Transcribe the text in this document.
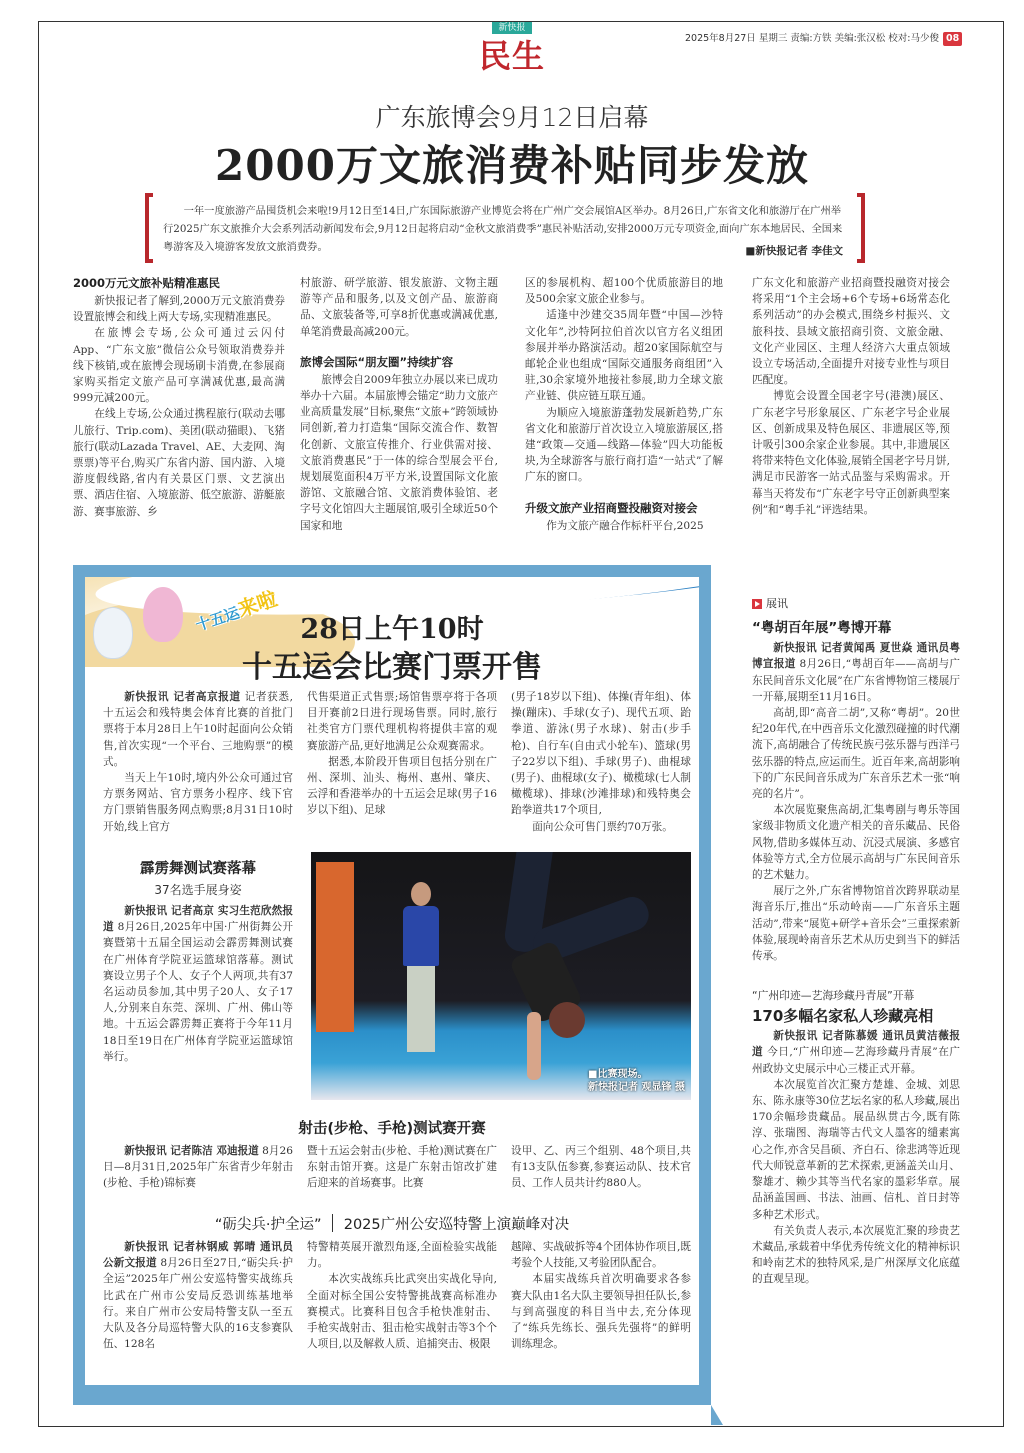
新快报
民生	2025年8月27日 星期三 责编:方铁 美编:张汉松 校对:马少俊 08
广东旅博会9月12日启幕
2000万文旅消费补贴同步发放
一年一度旅游产品囤货机会来啦!9月12日至14日,广东国际旅游产业博览会将在广州广交会展馆A区举办。8月26日,广东省文化和旅游厅在广州举行2025广东文旅推介大会系列活动新闻发布会,9月12日起将启动“金秋文旅消费季”惠民补贴活动,安排2000万元专项资金,面向广东本地居民、全国来粤游客及入境游客发放文旅消费券。	■新快报记者 李佳文
2000万元文旅补贴精准惠民

新快报记者了解到,2000万元文旅消费券设置旅博会和线上两大专场,实现精准惠民。

在旅博会专场,公众可通过云闪付App、“广东文旅”微信公众号领取消费券并线下核销,或在旅博会现场刷卡消费,在参展商家购买指定文旅产品可享满减优惠,最高满999元减200元。

在线上专场,公众通过携程旅行(联动去哪儿旅行、Trip.com)、美团(联动猫眼)、飞猪旅行(联动Lazada Travel、AE、大麦网、淘票票)等平台,购买广东省内游、国内游、入境游度假线路,省内有关景区门票、文艺演出票、酒店住宿、入境旅游、低空旅游、游艇旅游、赛事旅游、乡

村旅游、研学旅游、银发旅游、文物主题游等产品和服务,以及文创产品、旅游商品、文旅装备等,可享8折优惠或满减优惠,单笔消费最高减200元。

旅博会国际“朋友圈”持续扩容

旅博会自2009年独立办展以来已成功举办十六届。本届旅博会锚定“助力文旅产业高质量发展”目标,聚焦“文旅+”跨领域协同创新,着力打造集“国际交流合作、数智化创新、文旅宣传推介、行业供需对接、文旅消费惠民”于一体的综合型展会平台,规划展览面积4万平方米,设置国际文化旅游馆、文旅融合馆、文旅消费体验馆、老字号文化馆四大主题展馆,吸引全球近50个国家和地

区的参展机构、超100个优质旅游目的地及500余家文旅企业参与。

适逢中沙建交35周年暨“中国—沙特文化年”,沙特阿拉伯首次以官方名义组团参展并举办路演活动。超20家国际航空与邮轮企业也组成“国际交通服务商组团”入驻,30余家境外地接社参展,助力全球文旅产业链、供应链互联互通。

为顺应入境旅游蓬勃发展新趋势,广东省文化和旅游厅首次设立入境旅游展区,搭建“政策—交通—线路—体验”四大功能板块,为全球游客与旅行商打造“一站式”了解广东的窗口。

升级文旅产业招商暨投融资对接会

作为文旅产融合作标杆平台,2025

广东文化和旅游产业招商暨投融资对接会将采用“1个主会场+6个专场+6场常态化系列活动”的办会模式,围绕乡村振兴、文旅科技、县域文旅招商引资、文旅金融、文化产业园区、主理人经济六大重点领域设立专场活动,全面提升对接专业性与项目匹配度。

博览会设置全国老字号(港澳)展区、广东老字号形象展区、广东老字号企业展区、创新成果及特色展区、非遗展区等,预计吸引300余家企业参展。其中,非遗展区将带来特色文化体验,展销全国老字号月饼,满足市民游客一站式品鉴与采购需求。开幕当天将发布“广东老字号守正创新典型案例”和“粤手礼”评选结果。

十五运来啦
28日上午10时
十五运会比赛门票开售

新快报讯 记者高京报道 记者获悉,十五运会和残特奥会体育比赛的首批门票将于本月28日上午10时起面向公众销售,首次实现“一个平台、三地购票”的模式。

当天上午10时,境内外公众可通过官方票务网站、官方票务小程序、线下官方门票销售服务网点购票;8月31日10时开始,线上官方

代售渠道正式售票;场馆售票亭将于各项目开赛前2日进行现场售票。同时,旅行社类官方门票代理机构将提供丰富的观赛旅游产品,更好地满足公众观赛需求。

据悉,本阶段开售项目包括分别在广州、深圳、汕头、梅州、惠州、肇庆、云浮和香港举办的十五运会足球(男子16岁以下组)、足球

(男子18岁以下组)、体操(青年组)、体操(蹦床)、手球(女子)、现代五项、跆拳道、游泳(男子水球)、射击(步手枪)、自行车(自由式小轮车)、篮球(男子22岁以下组)、手球(男子)、曲棍球(男子)、曲棍球(女子)、橄榄球(七人制橄榄球)、排球(沙滩排球)和残特奥会跆拳道共17个项目,

面向公众可售门票约70万张。

霹雳舞测试赛落幕
37名选手展身姿

新快报讯 记者高京 实习生范欣然报道 8月26日,2025年中国·广州街舞公开赛暨第十五届全国运动会霹雳舞测试赛在广州体育学院亚运篮球馆落幕。测试赛设立男子个人、女子个人两项,共有37名运动员参加,其中男子20人、女子17人,分别来自东莞、深圳、广州、佛山等地。十五运会霹雳舞正赛将于今年11月18日至19日在广州体育学院亚运篮球馆举行。

■比赛现场。
新快报记者 观显锋 摄
射击(步枪、手枪)测试赛开赛

新快报讯 记者陈洁 邓迪报道 8月26日—8月31日,2025年广东省青少年射击(步枪、手枪)锦标赛

暨十五运会射击(步枪、手枪)测试赛在广东射击馆开赛。这是广东射击馆改扩建后迎来的首场赛事。比赛

设甲、乙、丙三个组别、48个项目,共有13支队伍参赛,参赛运动队、技术官员、工作人员共计约880人。

“砺尖兵·护全运” 2025广州公安巡特警上演巅峰对决

新快报讯 记者林钢威 郭晴 通讯员公新文报道 8月26日至27日,“砺尖兵·护全运”2025年广州公安巡特警实战练兵比武在广州市公安局反恐训练基地举行。来自广州市公安局特警支队一至五大队及各分局巡特警大队的16支参赛队伍、128名

特警精英展开激烈角逐,全面检验实战能力。

本次实战练兵比武突出实战化导向,全面对标全国公安特警挑战赛高标准办赛模式。比赛科目包含手枪快准射击、手枪实战射击、狙击枪实战射击等3个个人项目,以及解救人质、追捕突击、极限

越障、实战破拆等4个团体协作项目,既考验个人技能,又考验团队配合。

本届实战练兵首次明确要求各参赛大队由1名大队主要领导担任队长,参与到高强度的科目当中去,充分体现了“练兵先练长、强兵先强将”的鲜明训练理念。

展讯
“粤胡百年展”粤博开幕

新快报讯 记者黄闻禹 夏世焱 通讯员粤博宣报道 8月26日,“粤胡百年——高胡与广东民间音乐文化展”在广东省博物馆三楼展厅一开幕,展期至11月16日。

高胡,即“高音二胡”,又称“粤胡”。20世纪20年代,在中西音乐文化激烈碰撞的时代潮流下,高胡融合了传统民族弓弦乐器与西洋弓弦乐器的特点,应运而生。近百年来,高胡影响下的广东民间音乐成为广东音乐艺术一张“响亮的名片”。

本次展览聚焦高胡,汇集粤剧与粤乐等国家级非物质文化遗产相关的音乐藏品、民俗风物,借助多媒体互动、沉浸式展演、多感官体验等方式,全方位展示高胡与广东民间音乐的艺术魅力。

展厅之外,广东省博物馆首次跨界联动星海音乐厅,推出“乐动岭南——广东音乐主题活动”,带来“展览+研学+音乐会”三重探索新体验,展现岭南音乐艺术从历史到当下的鲜活传承。

“广州印迹—艺海珍藏丹青展”开幕
170多幅名家私人珍藏亮相

新快报讯 记者陈慕媛 通讯员黄洁薇报道 今日,“广州印迹—艺海珍藏丹青展”在广州政协文史展示中心三楼正式开幕。

本次展览首次汇聚方楚雄、金城、刘思东、陈永康等30位艺坛名家的私人珍藏,展出170余幅珍贵藏品。展品纵贯古今,既有陈淳、张瑞图、海瑞等古代文人墨客的缱素寓心之作,亦含吴昌硕、齐白石、徐悲鸿等近现代大师锐意革新的艺术探索,更涵盖关山月、黎雄才、赖少其等当代名家的墨彩华章。展品涵盖国画、书法、油画、信札、首日封等多种艺术形式。

有关负责人表示,本次展览汇聚的珍贵艺术藏品,承载着中华优秀传统文化的精神标识和岭南艺术的独特风采,是广州深厚文化底蕴的直观呈现。
